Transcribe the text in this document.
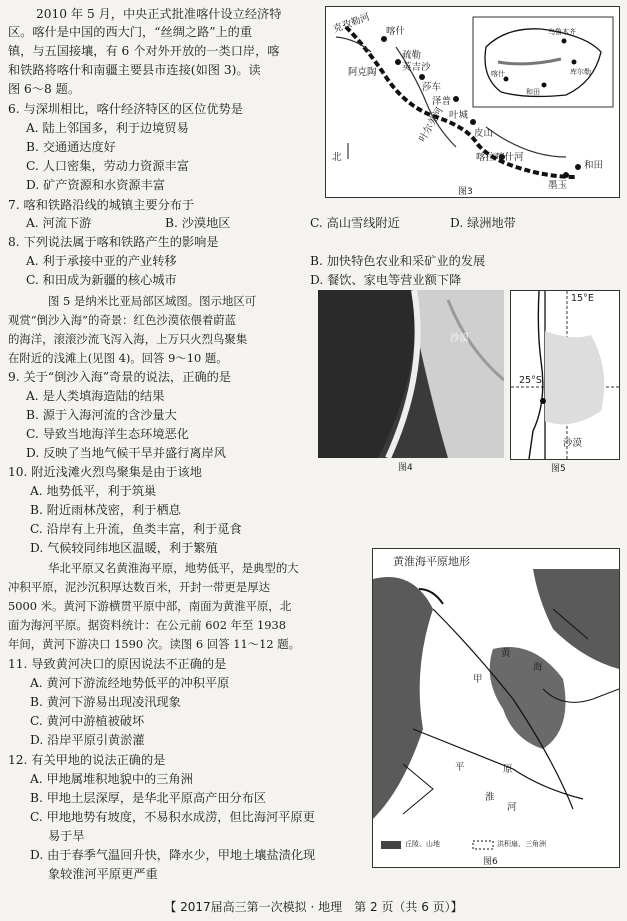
2010 年 5 月，中央正式批准喀什设立经济特
区。喀什是中国的西大门，“丝绸之路”上的重
镇，与五国接壤，有 6 个对外开放的一类口岸，喀
和铁路将喀什和南疆主要县市连接(如图 3)。读
图 6～8 题。
6. 与深圳相比，喀什经济特区的区位优势是
A. 陆上邻国多，利于边境贸易
B. 交通通达度好
C. 人口密集，劳动力资源丰富
D. 矿产资源和水资源丰富
7. 喀和铁路沿线的城镇主要分布于
A. 河流下游	B. 沙漠地区	C. 高山雪线附近	D. 绿洲地带
8. 下列说法属于喀和铁路产生的影响是
A. 利于承接中亚的产业转移	B. 加快特色农业和采矿业的发展
C. 和田成为新疆的核心城市	D. 餐饮、家电等营业额下降
图 5 是纳米比亚局部区域图。图示地区可
观赏“倒沙入海”的奇景：红色沙漠依偎着蔚蓝
的海洋，滚滚沙流飞泻入海，上万只火烈鸟聚集
在附近的浅滩上(见图 4)。回答 9～10 题。
9. 关于“倒沙入海”奇景的说法，正确的是
A. 是人类填海造陆的结果
B. 源于入海河流的含沙量大
C. 导致当地海洋生态环境恶化
D. 反映了当地气候干旱并盛行离岸风
10. 附近浅滩火烈鸟聚集是由于该地
A. 地势低平，利于筑巢
B. 附近雨林茂密，利于栖息
C. 沿岸有上升流，鱼类丰富，利于觅食
D. 气候较同纬地区温暖，利于繁殖
华北平原又名黄淮海平原，地势低平，是典型的大
冲积平原，泥沙沉积厚达数百米，开封一带更是厚达
5000 米。黄河下游横贯平原中部，南面为黄淮平原，北
面为海河平原。据资料统计：在公元前 602 年至 1938
年间，黄河下游决口 1590 次。读图 6 回答 11～12 题。
11. 导致黄河决口的原因说法不正确的是
A. 黄河下游流经地势低平的冲积平原
B. 黄河下游易出现凌汛现象
C. 黄河中游植被破坏
D. 沿岸平原引黄淤灌
12. 有关甲地的说法正确的是
A. 甲地属堆积地貌中的三角洲
B. 甲地土层深厚，是华北平原高产田分布区
C. 甲地地势有坡度，不易积水成涝，但比海河平原更
易于旱
D. 由于春季气温回升快，降水少，甲地土壤盐渍化现
象较淮河平原更严重
克孜勒河 喀什
疏勒
英吉沙
阿克陶
莎车
泽普
叶城
叶尔羌河	皮山
喀拉喀什河
和田
墨玉
北
乌鲁木齐
和田
喀什	库尔勒
图3
沙漠
图4
15°E
25°S
沙漠
图5
黄淮海平原地形
甲
黄
海
淮
河
平	原
丘陵、山地	洪积扇、三角洲
图6
【 2017届高三第一次模拟 · 地理　第 2 页（共 6 页）】
